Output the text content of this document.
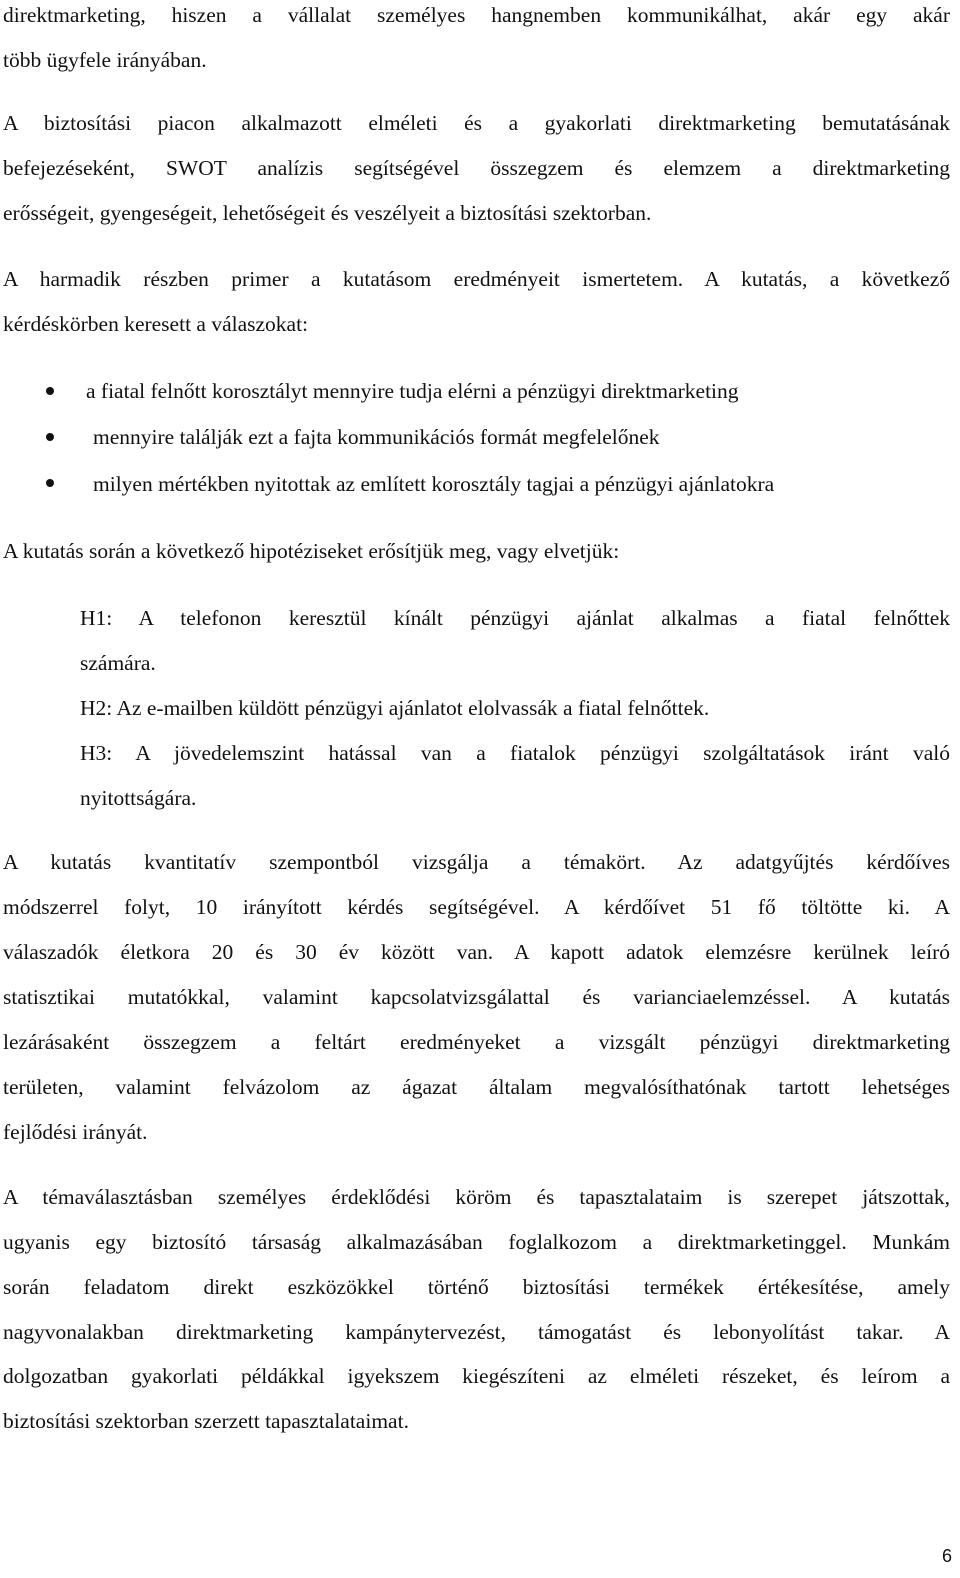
direktmarketing, hiszen a vállalat személyes hangnemben kommunikálhat, akár egy akár
több ügyfele irányában.
A biztosítási piacon alkalmazott elméleti és a gyakorlati direktmarketing bemutatásának
befejezéseként, SWOT analízis segítségével összegzem és elemzem a direktmarketing
erősségeit, gyengeségeit, lehetőségeit és veszélyeit a biztosítási szektorban.
A harmadik részben primer a kutatásom eredményeit ismertetem. A kutatás, a következő
kérdéskörben keresett a válaszokat:
a fiatal felnőtt korosztályt mennyire tudja elérni a pénzügyi direktmarketing
mennyire találják ezt a fajta kommunikációs formát megfelelőnek
milyen mértékben nyitottak az említett korosztály tagjai a pénzügyi ajánlatokra
A kutatás során a következő hipotéziseket erősítjük meg, vagy elvetjük:
H1: A telefonon keresztül kínált pénzügyi ajánlat alkalmas a fiatal felnőttek
számára.
H2: Az e-mailben küldött pénzügyi ajánlatot elolvassák a fiatal felnőttek.
H3: A jövedelemszint hatással van a fiatalok pénzügyi szolgáltatások iránt való
nyitottságára.
A kutatás kvantitatív szempontból vizsgálja a témakört. Az adatgyűjtés kérdőíves
módszerrel folyt, 10 irányított kérdés segítségével. A kérdőívet 51 fő töltötte ki. A
válaszadók életkora 20 és 30 év között van. A kapott adatok elemzésre kerülnek leíró
statisztikai mutatókkal, valamint kapcsolatvizsgálattal és varianciaelemzéssel. A kutatás
lezárásaként összegzem a feltárt eredményeket a vizsgált pénzügyi direktmarketing
területen, valamint felvázolom az ágazat általam megvalósíthatónak tartott lehetséges
fejlődési irányát.
A témaválasztásban személyes érdeklődési köröm és tapasztalataim is szerepet játszottak,
ugyanis egy biztosító társaság alkalmazásában foglalkozom a direktmarketinggel. Munkám
során feladatom direkt eszközökkel történő biztosítási termékek értékesítése, amely
nagyvonalakban direktmarketing kampánytervezést, támogatást és lebonyolítást takar. A
dolgozatban gyakorlati példákkal igyekszem kiegészíteni az elméleti részeket, és leírom a
biztosítási szektorban szerzett tapasztalataimat.
6
